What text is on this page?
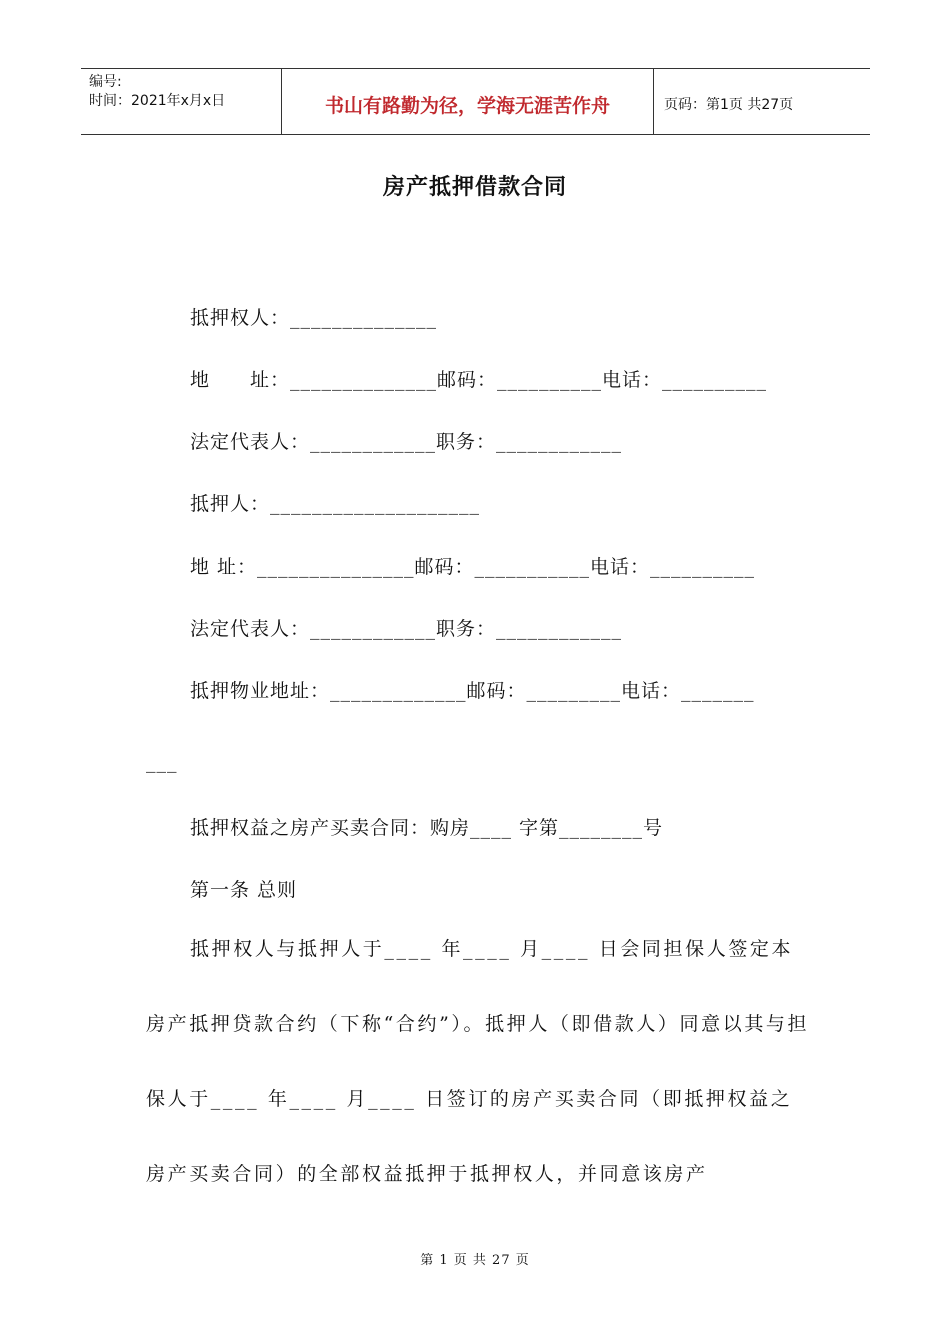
编号:
时间：2021年x月x日	书山有路勤为径，学海无涯苦作舟	页码：第1页 共27页
房产抵押借款合同
抵押权人：______________
地　　址：______________邮码：__________电话：__________
法定代表人：____________职务：____________
抵押人：____________________
地 址：_______________邮码：___________电话：__________
法定代表人：____________职务：____________
抵押物业地址：_____________邮码：_________电话：_______
___
抵押权益之房产买卖合同：购房____ 字第________号
第一条 总则
抵押权人与抵押人于____ 年____ 月____ 日会同担保人签定本房产抵押贷款合约（下称“合约”）。抵押人（即借款人）同意以其与担保人于____ 年____ 月____ 日签订的房产买卖合同（即抵押权益之房产买卖合同）的全部权益抵押于抵押权人，并同意该房产
第 1 页 共 27 页
